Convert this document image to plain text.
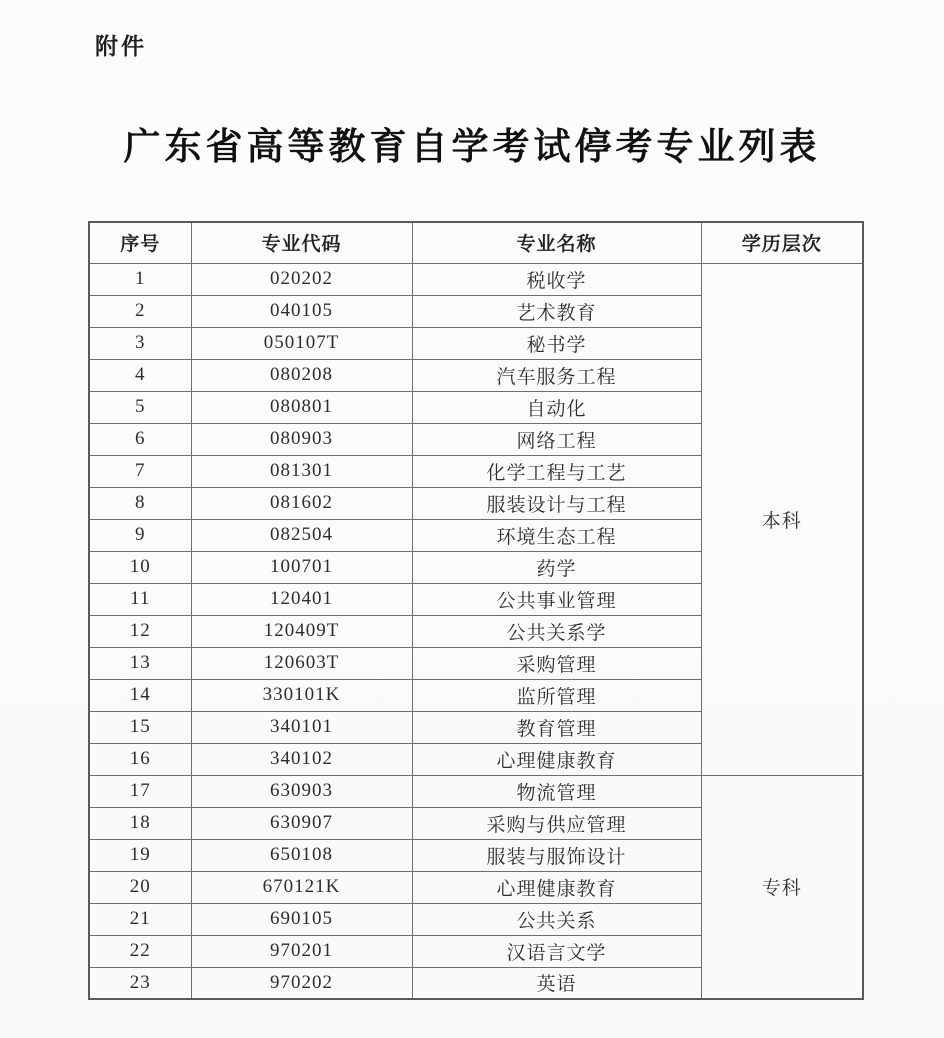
附件
广东省高等教育自学考试停考专业列表
序号	专业代码	专业名称	学历层次
1	020202	税收学	本科
2	040105	艺术教育	
3	050107T	秘书学	
4	080208	汽车服务工程	
5	080801	自动化	
6	080903	网络工程	
7	081301	化学工程与工艺	
8	081602	服装设计与工程	
9	082504	环境生态工程	
10	100701	药学	
11	120401	公共事业管理	
12	120409T	公共关系学	
13	120603T	采购管理	
14	330101K	监所管理	
15	340101	教育管理	
16	340102	心理健康教育	
17	630903	物流管理	专科
18	630907	采购与供应管理	
19	650108	服装与服饰设计	
20	670121K	心理健康教育	
21	690105	公共关系	
22	970201	汉语言文学	
23	970202	英语	
